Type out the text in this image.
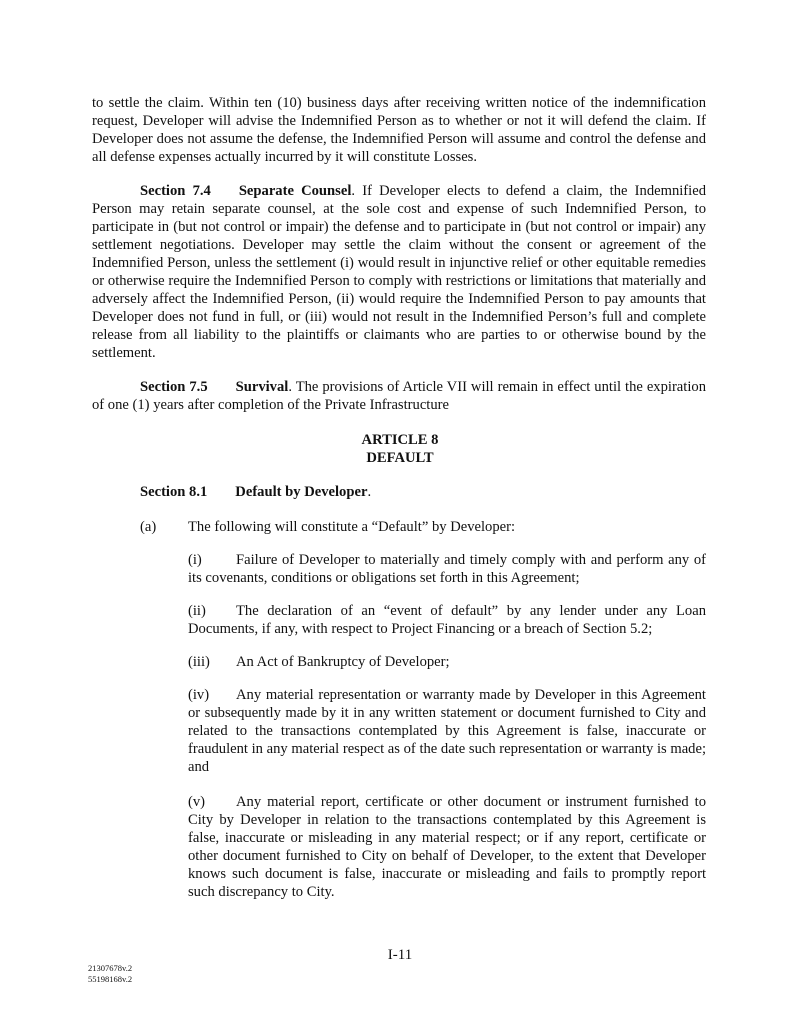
to settle the claim. Within ten (10) business days after receiving written notice of the indemnification request, Developer will advise the Indemnified Person as to whether or not it will defend the claim. If Developer does not assume the defense, the Indemnified Person will assume and control the defense and all defense expenses actually incurred by it will constitute Losses.
Section 7.4 Separate Counsel. If Developer elects to defend a claim, the Indemnified Person may retain separate counsel, at the sole cost and expense of such Indemnified Person, to participate in (but not control or impair) the defense and to participate in (but not control or impair) any settlement negotiations. Developer may settle the claim without the consent or agreement of the Indemnified Person, unless the settlement (i) would result in injunctive relief or other equitable remedies or otherwise require the Indemnified Person to comply with restrictions or limitations that materially and adversely affect the Indemnified Person, (ii) would require the Indemnified Person to pay amounts that Developer does not fund in full, or (iii) would not result in the Indemnified Person’s full and complete release from all liability to the plaintiffs or claimants who are parties to or otherwise bound by the settlement.
Section 7.5 Survival. The provisions of Article VII will remain in effect until the expiration of one (1) years after completion of the Private Infrastructure
ARTICLE 8
DEFAULT
Section 8.1 Default by Developer.
(a) The following will constitute a “Default” by Developer:
(i) Failure of Developer to materially and timely comply with and perform any of its covenants, conditions or obligations set forth in this Agreement;
(ii) The declaration of an “event of default” by any lender under any Loan Documents, if any, with respect to Project Financing or a breach of Section 5.2;
(iii) An Act of Bankruptcy of Developer;
(iv) Any material representation or warranty made by Developer in this Agreement or subsequently made by it in any written statement or document furnished to City and related to the transactions contemplated by this Agreement is false, inaccurate or fraudulent in any material respect as of the date such representation or warranty is made; and
(v) Any material report, certificate or other document or instrument furnished to City by Developer in relation to the transactions contemplated by this Agreement is false, inaccurate or misleading in any material respect; or if any report, certificate or other document furnished to City on behalf of Developer, to the extent that Developer knows such document is false, inaccurate or misleading and fails to promptly report such discrepancy to City.
I-11
21307678v.2
55198168v.2
